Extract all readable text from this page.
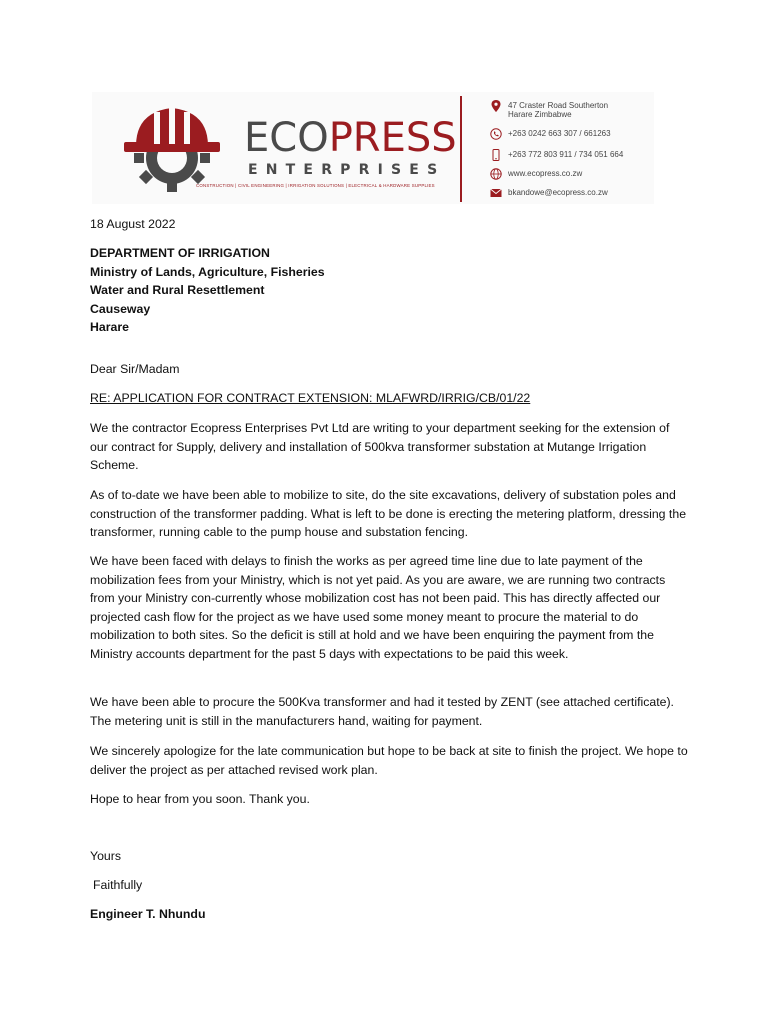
ECOPRESS
ENTERPRISES
CONSTRUCTION | CIVIL ENGINEERING | IRRIGATION SOLUTIONS | ELECTRICAL & HARDWARE SUPPLIES
47 Craster Road Southerton
Harare Zimbabwe
+263 0242 663 307 / 661263
+263 772 803 911 / 734 051 664
www.ecopress.co.zw
bkandowe@ecopress.co.zw
18 August 2022

DEPARTMENT OF IRRIGATION

Ministry of Lands, Agriculture, Fisheries

Water and Rural Resettlement

Causeway

Harare

Dear Sir/Madam
RE: APPLICATION FOR CONTRACT EXTENSION: MLAFWRD/IRRIG/CB/01/22
We the contractor Ecopress Enterprises Pvt Ltd are writing to your department seeking for the extension of our contract for Supply, delivery and installation of 500kva transformer substation at Mutange Irrigation Scheme.
As of to-date we have been able to mobilize to site, do the site excavations, delivery of substation poles and construction of the transformer padding. What is left to be done is erecting the metering platform, dressing the transformer, running cable to the pump house and substation fencing.
We have been faced with delays to finish the works as per agreed time line due to late payment of the mobilization fees from your Ministry, which is not yet paid. As you are aware, we are running two contracts from your Ministry con-currently whose mobilization cost has not been paid. This has directly affected our projected cash flow for the project as we have used some money meant to procure the material to do mobilization to both sites. So the deficit is still at hold and we have been enquiring the payment from the Ministry accounts department for the past 5 days with expectations to be paid this week.
We have been able to procure the 500Kva transformer and had it tested by ZENT (see attached certificate). The metering unit is still in the manufacturers hand, waiting for payment.
We sincerely apologize for the late communication but hope to be back at site to finish the project. We hope to deliver the project as per attached revised work plan.
Hope to hear from you soon. Thank you.
Yours
Faithfully
Engineer T. Nhundu
